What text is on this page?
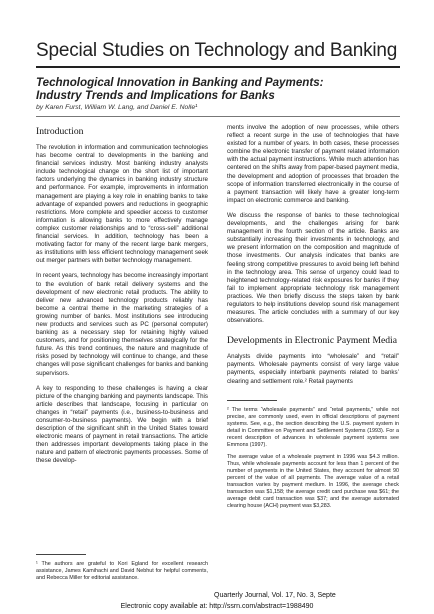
Special Studies on Technology and Banking
Technological Innovation in Banking and Payments:
Industry Trends and Implications for Banks
by Karen Furst, William W. Lang, and Daniel E. Nolle¹
Introduction

The revolution in information and communication technologies has become central to developments in the banking and financial services industry. Most banking industry analysts include technological change on the short list of important factors underlying the dynamics in banking industry structure and performance. For example, improvements in information management are playing a key role in enabling banks to take advantage of expanded powers and reductions in geographic restrictions. More complete and speedier access to customer information is allowing banks to more effectively manage complex customer relationships and to “cross-sell” additional financial services. In addition, technology has been a motivating factor for many of the recent large bank mergers, as institutions with less efficient technology management seek out merger partners with better technology management.

In recent years, technology has become increasingly important to the evolution of bank retail delivery systems and the development of new electronic retail products. The ability to deliver new advanced technology products reliably has become a central theme in the marketing strategies of a growing number of banks. Most institutions see introducing new products and services such as PC (personal computer) banking as a necessary step for retaining highly valued customers, and for positioning themselves strategically for the future. As this trend continues, the nature and magnitude of risks posed by technology will continue to change, and these changes will pose significant challenges for banks and banking supervisors.

A key to responding to these challenges is having a clear picture of the changing banking and payments landscape. This article describes that landscape, focusing in particular on changes in “retail” payments (i.e., business-to-business and consumer-to-business payments). We begin with a brief description of the significant shift in the United States toward electronic means of payment in retail transactions. The article then addresses important developments taking place in the nature and pattern of electronic payments processes. Some of these develop-

¹ The authors are grateful to Kori Egland for excellent research assistance, James Kamihachi and David Nebhut for helpful comments, and Rebecca Miller for editorial assistance.

ments involve the adoption of new processes, while others reflect a recent surge in the use of technologies that have existed for a number of years. In both cases, these processes combine the electronic transfer of payment related information with the actual payment instructions. While much attention has centered on the shifts away from paper-based payment media, the development and adoption of processes that broaden the scope of information transferred electronically in the course of a payment transaction will likely have a greater long-term impact on electronic commerce and banking.

We discuss the response of banks to these technological developments, and the challenges arising for bank management in the fourth section of the article. Banks are substantially increasing their investments in technology, and we present information on the composition and magnitude of those investments. Our analysis indicates that banks are feeling strong competitive pressures to avoid being left behind in the technology area. This sense of urgency could lead to heightened technology-related risk exposures for banks if they fail to implement appropriate technology risk management practices. We then briefly discuss the steps taken by bank regulators to help institutions develop sound risk management measures. The article concludes with a summary of our key observations.

Developments in Electronic Payment Media

Analysts divide payments into “wholesale” and “retail” payments. Wholesale payments consist of very large value payments, especially interbank payments related to banks’ clearing and settlement role.² Retail payments

² The terms “wholesale payments” and “retail payments,” while not precise, are commonly used, even in official descriptions of payment systems. See, e.g., the section describing the U.S. payment system in detail in Committee on Payment and Settlement Systems (1993). For a recent description of advances in wholesale payment systems see Emmons (1997).

The average value of a wholesale payment in 1996 was $4.3 million. Thus, while wholesale payments account for less than 1 percent of the number of payments in the United States, they account for almost 90 percent of the value of all payments. The average value of a retail transaction varies by payment medium. In 1996, the average check transaction was $1,158; the average credit card purchase was $61; the average debit card transaction was $37; and the average automated clearing house (ACH) payment was $3,283.

Quarterly Journal, Vol. 17, No. 3, Septe
Electronic copy available at: http://ssrn.com/abstract=1988490
